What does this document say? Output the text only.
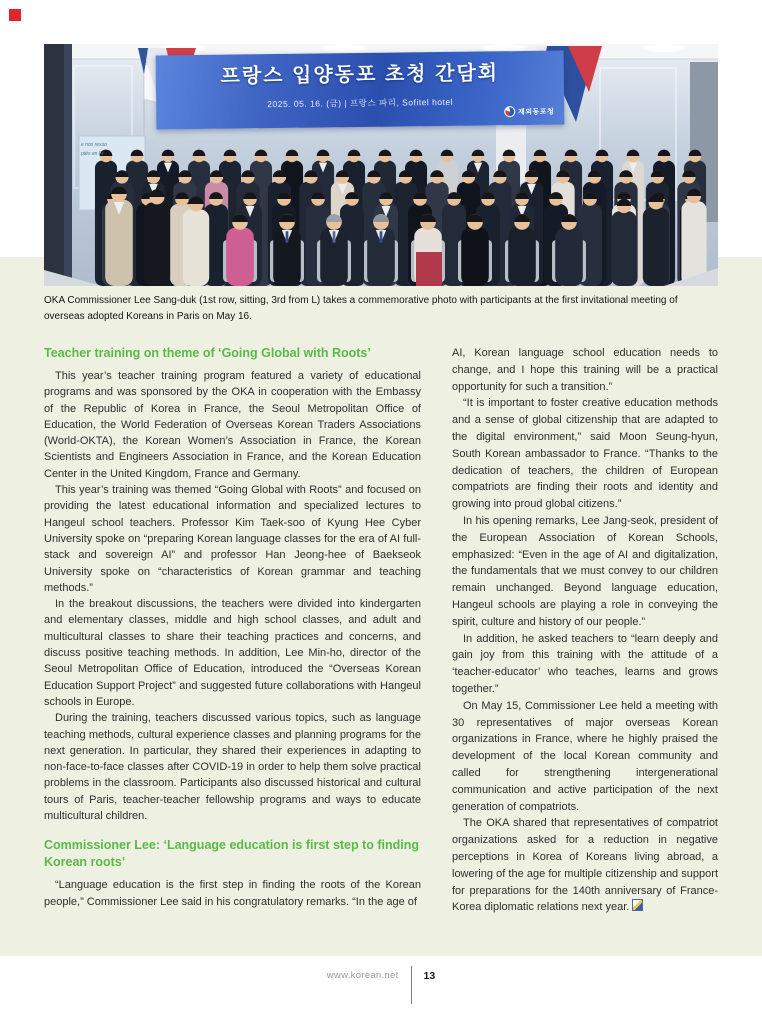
e nos resso
ptés en Fr
프랑스 입양동포 초청 간담회
2025. 05. 16. (금) | 프랑스 파리, Sofitel hotel
재외동포청

OKA Commissioner Lee Sang-duk (1st row, sitting, 3rd from L) takes a commemorative photo with participants at the first invitational meeting of overseas adopted Koreans in Paris on May 16.

Teacher training on theme of ‘Going Global with Roots’

This year’s teacher training program featured a variety of educational programs and was sponsored by the OKA in cooperation with the Embassy of the Republic of Korea in France, the Seoul Metropolitan Office of Education, the World Federation of Overseas Korean Traders Associations (World-OKTA), the Korean Women’s Association in France, the Korean Scientists and Engineers Association in France, and the Korean Education Center in the United Kingdom, France and Germany.

This year’s training was themed “Going Global with Roots” and focused on providing the latest educational information and specialized lectures to Hangeul school teachers. Professor Kim Taek-soo of Kyung Hee Cyber University spoke on “preparing Korean language classes for the era of AI full-stack and sovereign AI” and professor Han Jeong-hee of Baekseok University spoke on “characteristics of Korean grammar and teaching methods.”

In the breakout discussions, the teachers were divided into kindergarten and elementary classes, middle and high school classes, and adult and multicultural classes to share their teaching practices and concerns, and discuss positive teaching methods. In addition, Lee Min-ho, director of the Seoul Metropolitan Office of Education, introduced the “Overseas Korean Education Support Project” and suggested future collaborations with Hangeul schools in Europe.

During the training, teachers discussed various topics, such as language teaching methods, cultural experience classes and planning programs for the next generation. In particular, they shared their experiences in adapting to non-face-to-face classes after COVID-19 in order to help them solve practical problems in the classroom. Participants also discussed historical and cultural tours of Paris, teacher-teacher fellowship programs and ways to educate multicultural children.

Commissioner Lee: ‘Language education is first step to finding Korean roots’

“Language education is the first step in finding the roots of the Korean people,” Commissioner Lee said in his congratulatory remarks. “In the age of

AI, Korean language school education needs to change, and I hope this training will be a practical opportunity for such a transition.”

“It is important to foster creative education methods and a sense of global citizenship that are adapted to the digital environment,” said Moon Seung-hyun, South Korean ambassador to France. “Thanks to the dedication of teachers, the children of European compatriots are finding their roots and identity and growing into proud global citizens.”

In his opening remarks, Lee Jang-seok, president of the European Association of Korean Schools, emphasized: “Even in the age of AI and digitalization, the fundamentals that we must convey to our children remain unchanged. Beyond language education, Hangeul schools are playing a role in conveying the spirit, culture and history of our people.”

In addition, he asked teachers to “learn deeply and gain joy from this training with the attitude of a ‘teacher-educator’ who teaches, learns and grows together.”

On May 15, Commissioner Lee held a meeting with 30 representatives of major overseas Korean organizations in France, where he highly praised the development of the local Korean community and called for strengthening intergenerational communication and active participation of the next generation of compatriots.

The OKA shared that representatives of compatriot organizations asked for a reduction in negative perceptions in Korea of Koreans living abroad, a lowering of the age for multiple citizenship and support for preparations for the 140th anniversary of France-Korea diplomatic relations next year.

www.korean.net 13
